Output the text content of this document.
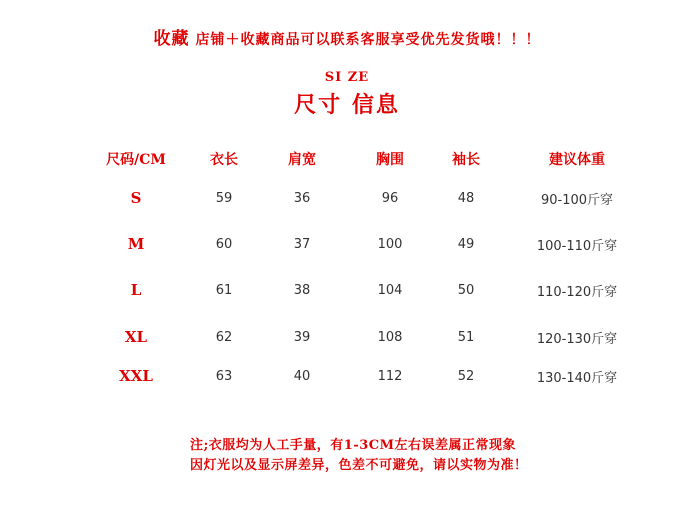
收藏 店铺＋收藏商品可以联系客服享受优先发货哦！！！
SI ZE
尺寸 信息
尺码/CM	衣长	肩宽	胸围	袖长	建议体重
S	59	36	96	48	90-100斤穿
M	60	37	100	49	100-110斤穿
L	61	38	104	50	110-120斤穿
XL	62	39	108	51	120-130斤穿
XXL	63	40	112	52	130-140斤穿
注;衣服均为人工手量，有1-3CM左右误差属正常现象
因灯光以及显示屏差异，色差不可避免，请以实物为准！
